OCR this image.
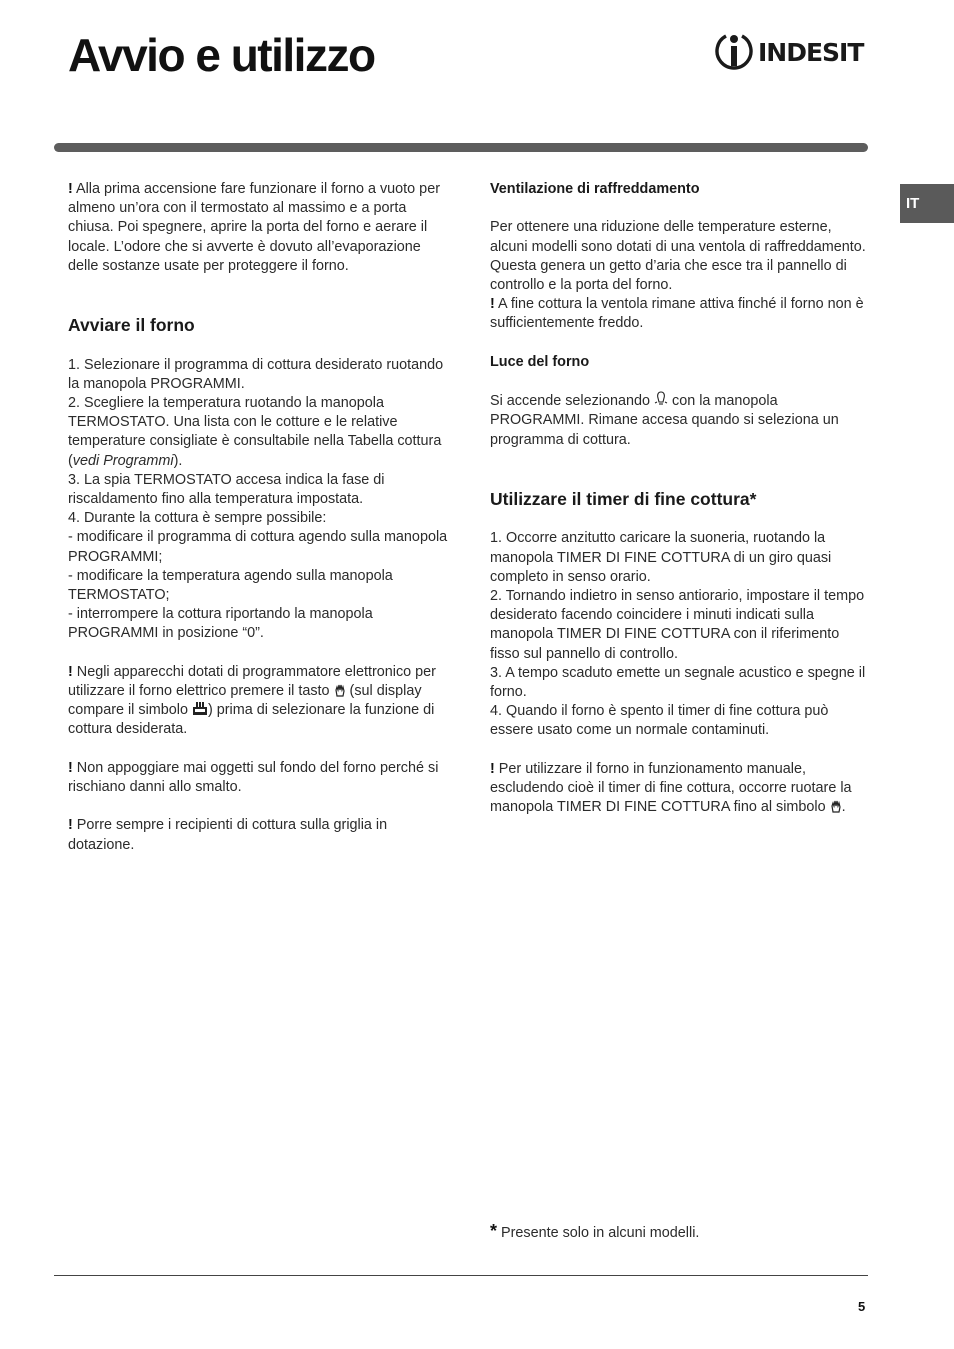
Avvio e utilizzo	INDESIT
IT

! Alla prima accensione fare funzionare il forno a vuoto per almeno un’ora con il termostato al massimo e a porta chiusa. Poi spegnere, aprire la porta del forno e aerare il locale. L’odore che si avverte è dovuto all’evaporazione delle sostanze usate per proteggere il forno.

Avviare il forno

1. Selezionare il programma di cottura desiderato ruotando la manopola PROGRAMMI.

2. Scegliere la temperatura ruotando la manopola TERMOSTATO. Una lista con le cotture e le relative temperature consigliate è consultabile nella Tabella cottura (vedi Programmi).

3. La spia TERMOSTATO accesa indica la fase di riscaldamento fino alla temperatura impostata.

4. Durante la cottura è sempre possibile:

- modificare il programma di cottura agendo sulla manopola PROGRAMMI;

- modificare la temperatura agendo sulla manopola TERMOSTATO;

- interrompere la cottura riportando la manopola PROGRAMMI in posizione “0”.

! Negli apparecchi dotati di programmatore elettronico per utilizzare il forno elettrico premere il tasto (sul display compare il simbolo ) prima di selezionare la funzione di cottura desiderata.

! Non appoggiare mai oggetti sul fondo del forno perché si rischiano danni allo smalto.

! Porre sempre i recipienti di cottura sulla griglia in dotazione.

Ventilazione di raffreddamento

Per ottenere una riduzione delle temperature esterne, alcuni modelli sono dotati di una ventola di raffreddamento. Questa genera un getto d’aria che esce tra il pannello di controllo e la porta del forno.

! A fine cottura la ventola rimane attiva finché il forno non è sufficientemente freddo.

Luce del forno

Si accende selezionando con la manopola PROGRAMMI. Rimane accesa quando si seleziona un programma di cottura.

Utilizzare il timer di fine cottura*

1. Occorre anzitutto caricare la suoneria, ruotando la manopola TIMER DI FINE COTTURA di un giro quasi completo in senso orario.

2. Tornando indietro in senso antiorario, impostare il tempo desiderato facendo coincidere i minuti indicati sulla manopola TIMER DI FINE COTTURA con il riferimento fisso sul pannello di controllo.

3. A tempo scaduto emette un segnale acustico e spegne il forno.

4. Quando il forno è spento il timer di fine cottura può essere usato come un normale contaminuti.

! Per utilizzare il forno in funzionamento manuale, escludendo cioè il timer di fine cottura, occorre ruotare la manopola TIMER DI FINE COTTURA fino al simbolo .

* Presente solo in alcuni modelli.
5
